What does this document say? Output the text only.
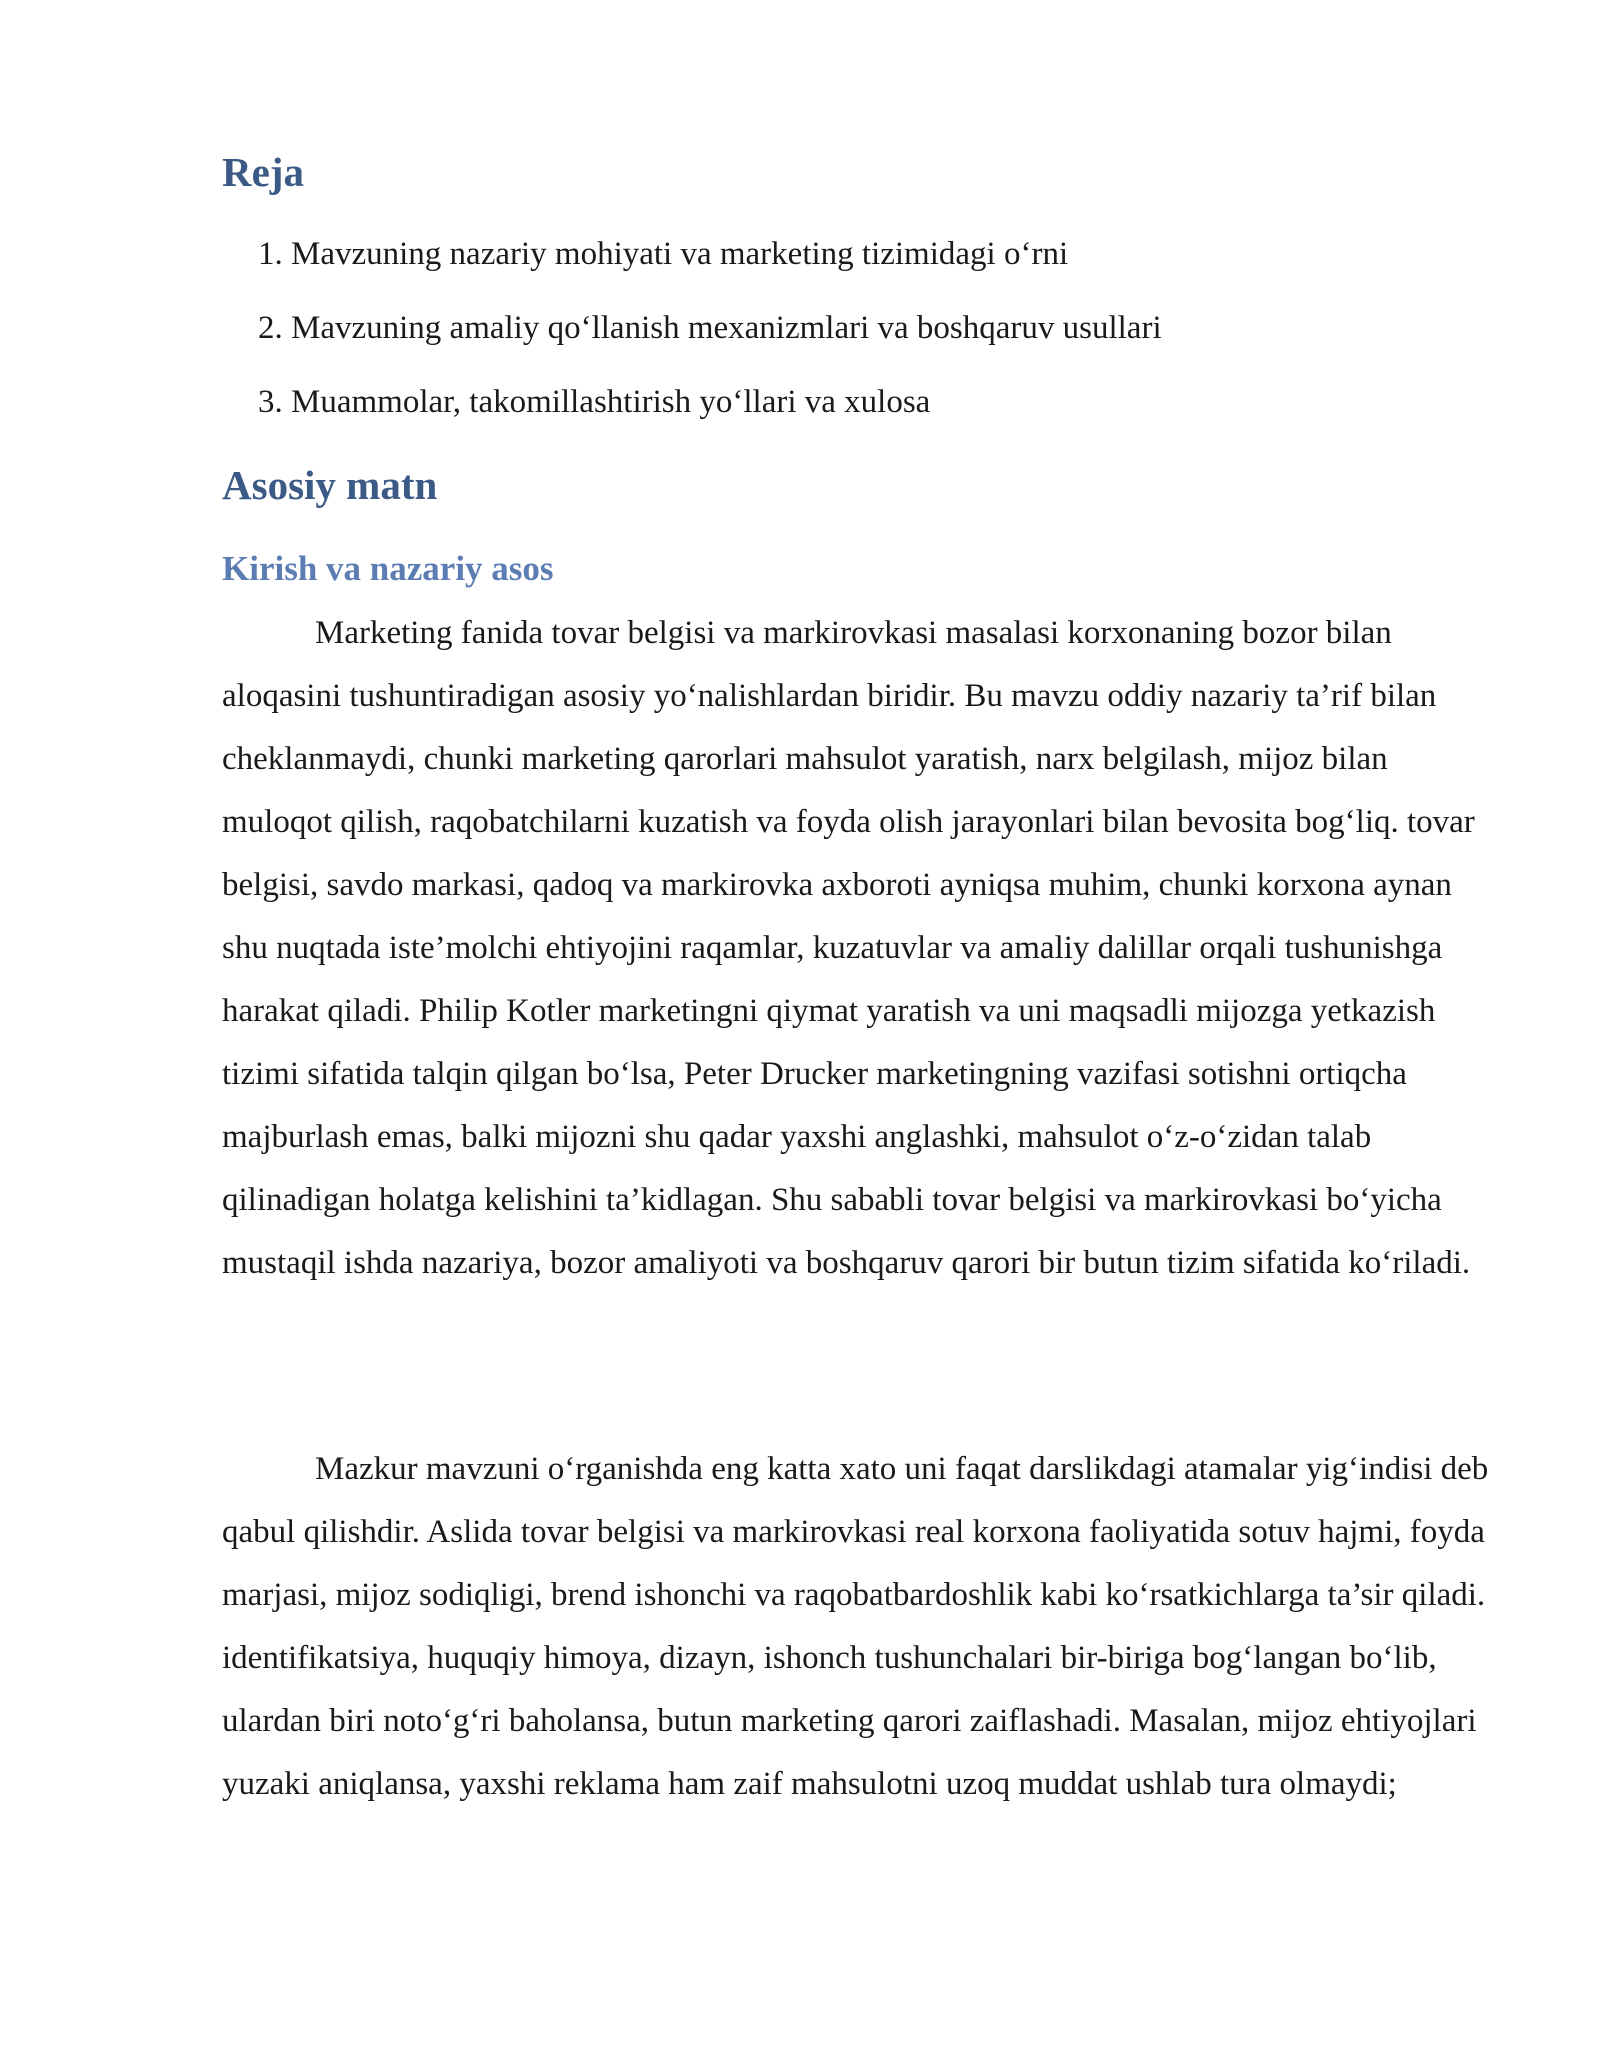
Reja
1. Mavzuning nazariy mohiyati va marketing tizimidagi o‘rni
2. Mavzuning amaliy qo‘llanish mexanizmlari va boshqaruv usullari
3. Muammolar, takomillashtirish yo‘llari va xulosa
Asosiy matn
Kirish va nazariy asos

Marketing fanida tovar belgisi va markirovkasi masalasi korxonaning bozor bilan aloqasini tushuntiradigan asosiy yo‘nalishlardan biridir. Bu mavzu oddiy nazariy ta’rif bilan cheklanmaydi, chunki marketing qarorlari mahsulot yaratish, narx belgilash, mijoz bilan muloqot qilish, raqobatchilarni kuzatish va foyda olish jarayonlari bilan bevosita bog‘liq. tovar belgisi, savdo markasi, qadoq va markirovka axboroti ayniqsa muhim, chunki korxona aynan shu nuqtada iste’molchi ehtiyojini raqamlar, kuzatuvlar va amaliy dalillar orqali tushunishga harakat qiladi. Philip Kotler marketingni qiymat yaratish va uni maqsadli mijozga yetkazish tizimi sifatida talqin qilgan bo‘lsa, Peter Drucker marketingning vazifasi sotishni ortiqcha majburlash emas, balki mijozni shu qadar yaxshi anglashki, mahsulot o‘z-o‘zidan talab qilinadigan holatga kelishini ta’kidlagan. Shu sababli tovar belgisi va markirovkasi bo‘yicha mustaqil ishda nazariya, bozor amaliyoti va boshqaruv qarori bir butun tizim sifatida ko‘riladi.

Mazkur mavzuni o‘rganishda eng katta xato uni faqat darslikdagi atamalar yig‘indisi deb qabul qilishdir. Aslida tovar belgisi va markirovkasi real korxona faoliyatida sotuv hajmi, foyda marjasi, mijoz sodiqligi, brend ishonchi va raqobatbardoshlik kabi ko‘rsatkichlarga ta’sir qiladi. identifikatsiya, huquqiy himoya, dizayn, ishonch tushunchalari bir-biriga bog‘langan bo‘lib, ulardan biri noto‘g‘ri baholansa, butun marketing qarori zaiflashadi. Masalan, mijoz ehtiyojlari yuzaki aniqlansa, yaxshi reklama ham zaif mahsulotni uzoq muddat ushlab tura olmaydi;
